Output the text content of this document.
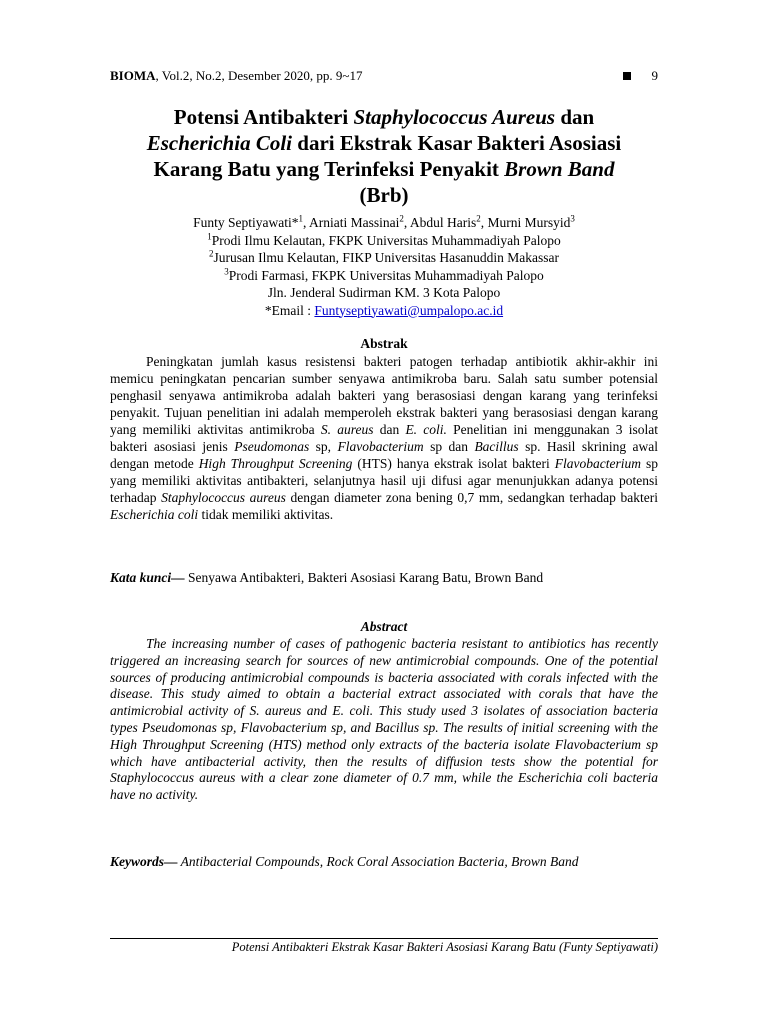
BIOMA, Vol.2, No.2, Desember 2020, pp. 9~17	9
Potensi Antibakteri Staphylococcus Aureus dan
Escherichia Coli dari Ekstrak Kasar Bakteri Asosiasi
Karang Batu yang Terinfeksi Penyakit Brown Band
(Brb)
Funty Septiyawati*$^1$, Arniati Massinai$^2$, Abdul Haris$^2$, Murni Mursyid$^3$
$^1$Prodi Ilmu Kelautan, FKPK Universitas Muhammadiyah Palopo
$^2$Jurusan Ilmu Kelautan, FIKP Universitas Hasanuddin Makassar
$^3$Prodi Farmasi, FKPK Universitas Muhammadiyah Palopo
Jln. Jenderal Sudirman KM. 3 Kota Palopo
*Email : Funtyseptiyawati@umpalopo.ac.id
Abstrak

Peningkatan jumlah kasus resistensi bakteri patogen terhadap antibiotik akhir-akhir ini memicu peningkatan pencarian sumber senyawa antimikroba baru. Salah satu sumber potensial penghasil senyawa antimikroba adalah bakteri yang berasosiasi dengan karang yang terinfeksi penyakit. Tujuan penelitian ini adalah memperoleh ekstrak bakteri yang berasosiasi dengan karang yang memiliki aktivitas antimikroba S. aureus dan E. coli. Penelitian ini menggunakan 3 isolat bakteri asosiasi jenis Pseudomonas sp, Flavobacterium sp dan Bacillus sp. Hasil skrining awal dengan metode High Throughput Screening (HTS) hanya ekstrak isolat bakteri Flavobacterium sp yang memiliki aktivitas antibakteri, selanjutnya hasil uji difusi agar menunjukkan adanya potensi terhadap Staphylococcus aureus dengan diameter zona bening 0,7 mm, sedangkan terhadap bakteri Escherichia coli tidak memiliki aktivitas.

Kata kunci— Senyawa Antibakteri, Bakteri Asosiasi Karang Batu, Brown Band
Abstract

The increasing number of cases of pathogenic bacteria resistant to antibiotics has recently triggered an increasing search for sources of new antimicrobial compounds. One of the potential sources of producing antimicrobial compounds is bacteria associated with corals infected with the disease. This study aimed to obtain a bacterial extract associated with corals that have the antimicrobial activity of S. aureus and E. coli. This study used 3 isolates of association bacteria types Pseudomonas sp, Flavobacterium sp, and Bacillus sp. The results of initial screening with the High Throughput Screening (HTS) method only extracts of the bacteria isolate Flavobacterium sp which have antibacterial activity, then the results of diffusion tests show the potential for Staphylococcus aureus with a clear zone diameter of 0.7 mm, while the Escherichia coli bacteria have no activity.

Keywords— Antibacterial Compounds, Rock Coral Association Bacteria, Brown Band
Potensi Antibakteri Ekstrak Kasar Bakteri Asosiasi Karang Batu (Funty Septiyawati)
